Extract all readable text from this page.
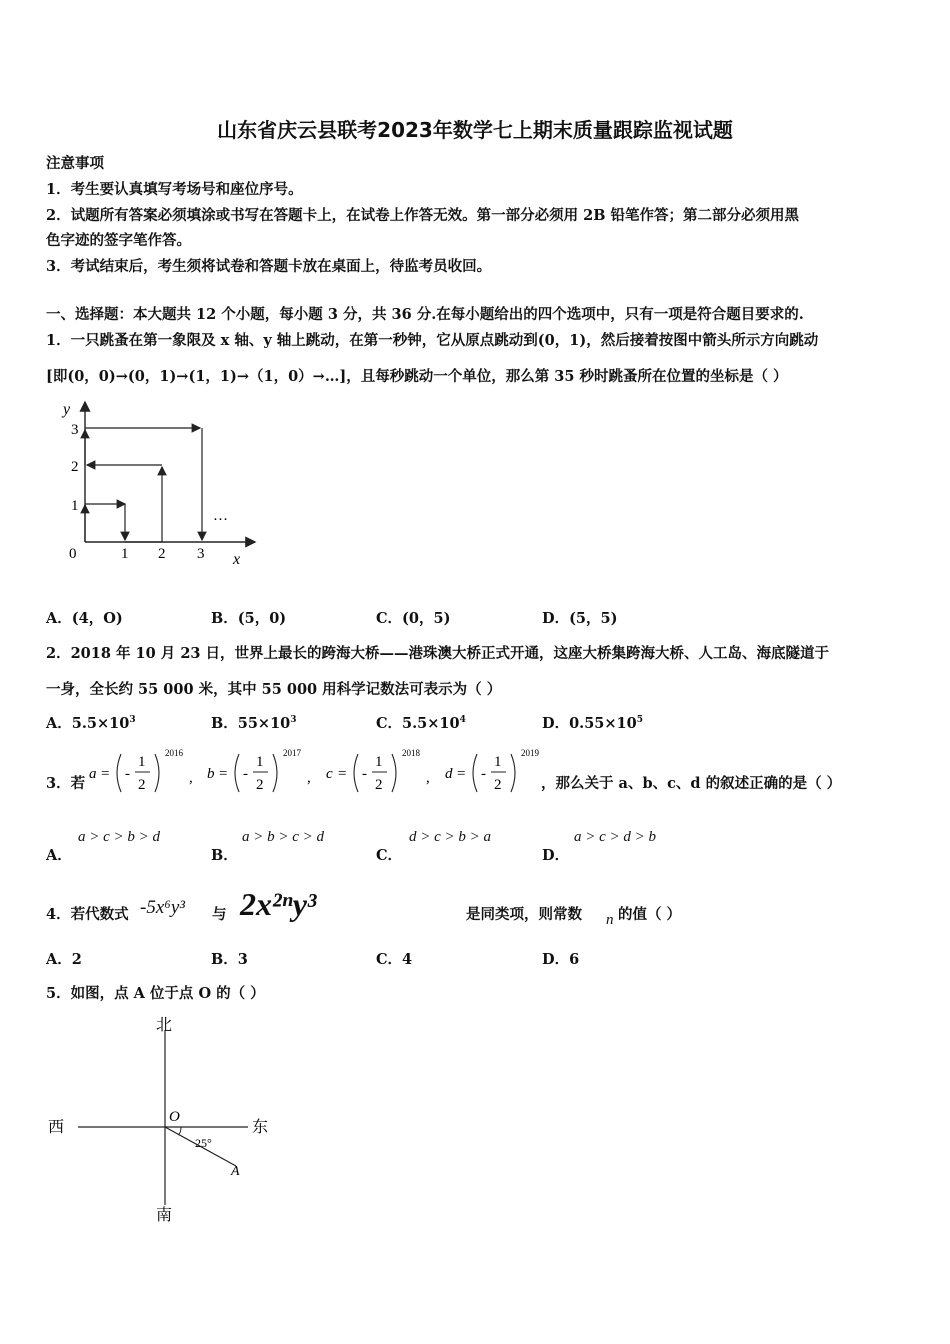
山东省庆云县联考2023年数学七上期末质量跟踪监视试题
注意事项
1．考生要认真填写考场号和座位序号。
2．试题所有答案必须填涂或书写在答题卡上，在试卷上作答无效。第一部分必须用 2B 铅笔作答；第二部分必须用黑
色字迹的签字笔作答。
3．考试结束后，考生须将试卷和答题卡放在桌面上，待监考员收回。
一、选择题：本大题共 12 个小题，每小题 3 分，共 36 分.在每小题给出的四个选项中，只有一项是符合题目要求的.
1．一只跳蚤在第一象限及 x 轴、y 轴上跳动，在第一秒钟，它从原点跳动到(0，1)，然后接着按图中箭头所示方向跳动
[即(0，0)→(0，1)→(1，1)→（1，0）→…]，且每秒跳动一个单位，那么第 35 秒时跳蚤所在位置的坐标是（ ）
y
x
0	1 2 3
1
2
3
…
A．(4，O)	B．(5，0)	C．(0，5)	D．(5，5)
2．2018 年 10 月 23 日，世界上最长的跨海大桥——港珠澳大桥正式开通，这座大桥集跨海大桥、人工岛、海底隧道于
一身，全长约 55 000 米，其中 55 000 用科学记数法可表示为（ ）
A．$5.5\times 10^3$	B．$55\times 10^3$	C．$5.5\times 10^4$	D．$0.55\times 10^5$
3．若
a = -
1
2
2016
, b = -
1
2
2017
, c = -
1
2
2018
, d = -
1
2
2019
，那么关于 a、b、c、d 的叙述正确的是（ ）
A．
a > c > b > d
B．
a > b > c > d
C．
d > c > b > a
D．
a > c > d > b
4．若代数式 -5x⁶y³ 与 2x²ⁿy³	是同类项，则常数 n 的值（ ）
A．2	B．3	C．4	D．6
5．如图，点 A 位于点 O 的（ ）
北
南
西	东
O
A
25°
